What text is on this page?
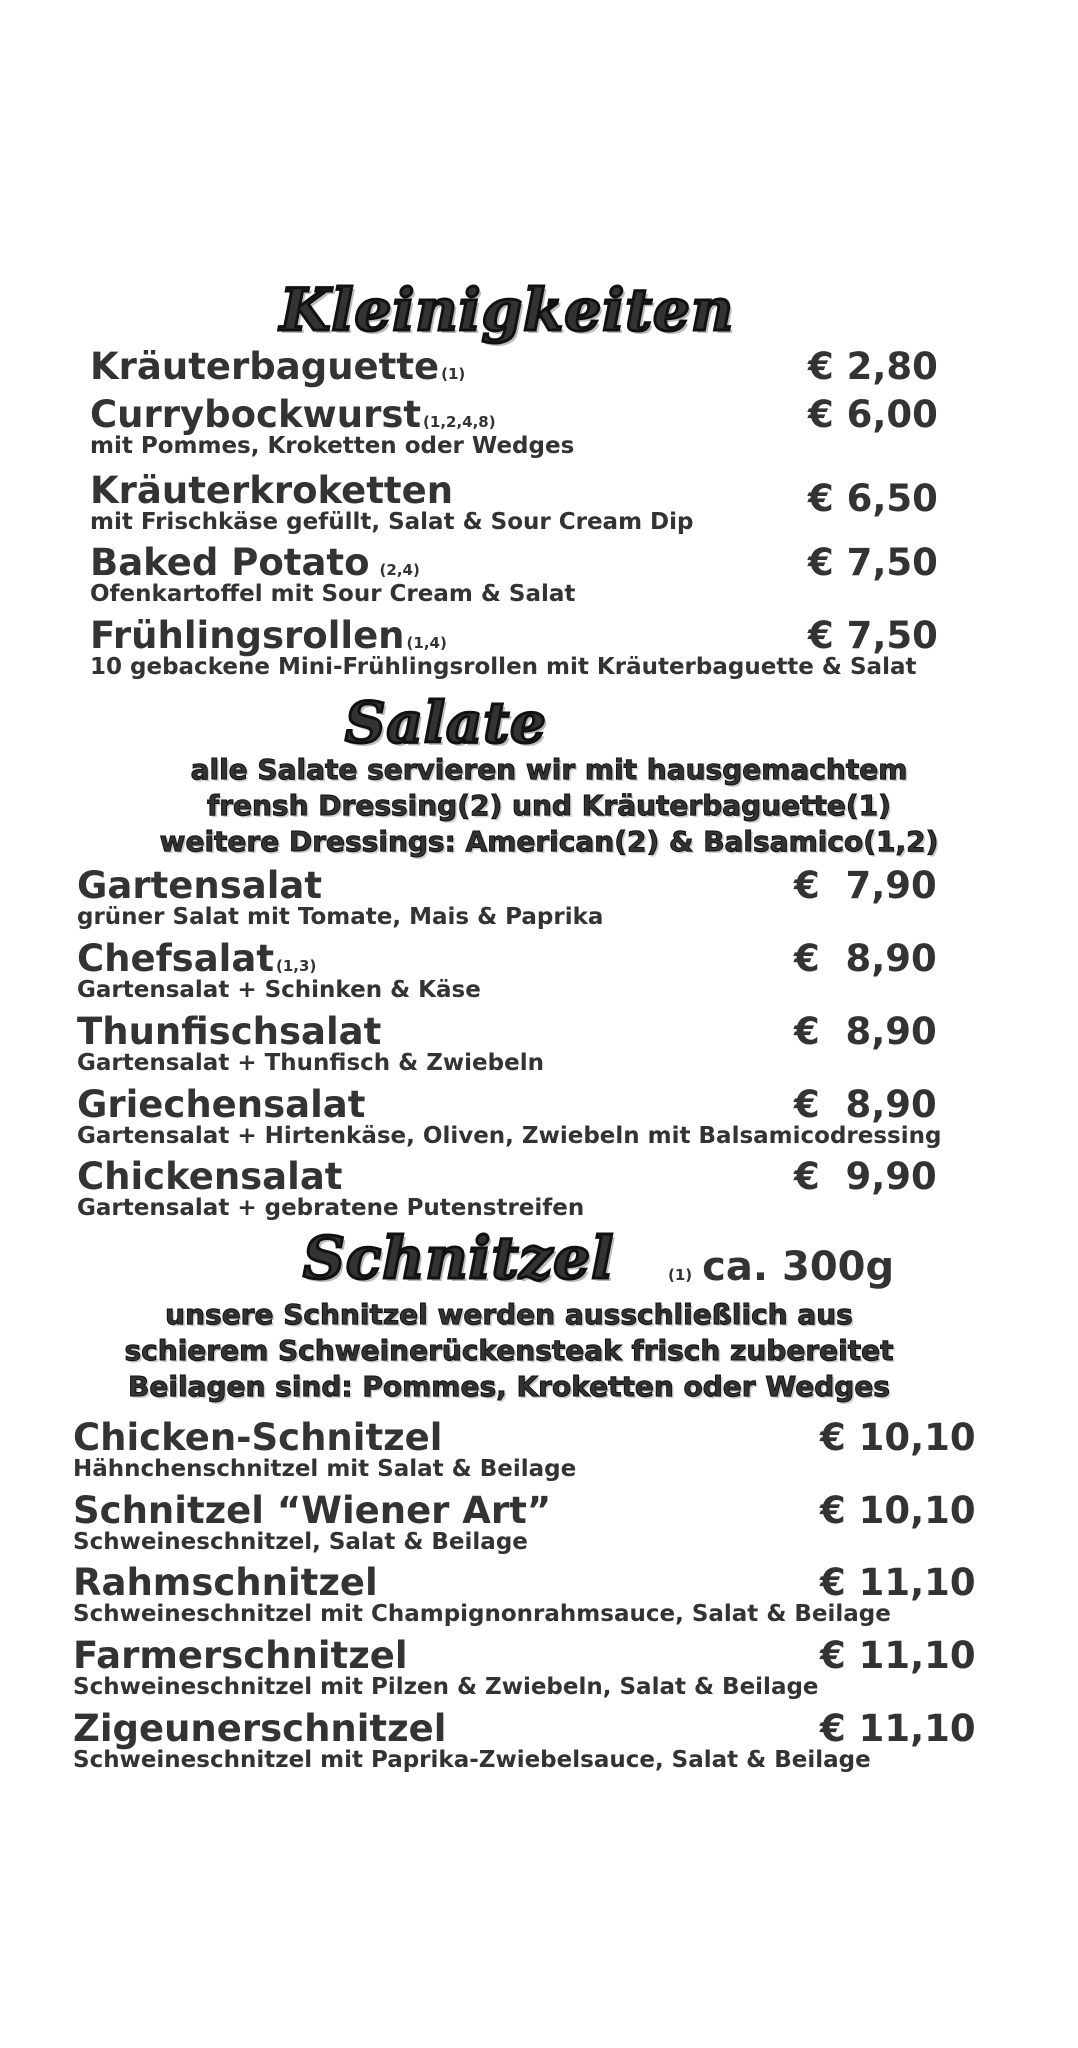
Kleinigkeiten
Kräuterbaguette (1)	€ 2,80
Currybockwurst (1,2,4,8)
mit Pommes, Kroketten oder Wedges
€ 6,00
Kräuterkroketten
mit Frischkäse gefüllt, Salat & Sour Cream Dip
€ 6,50
Baked Potato (2,4)
Ofenkartoffel mit Sour Cream & Salat
€ 7,50
Frühlingsrollen (1,4)
10 gebackene Mini-Frühlingsrollen mit Kräuterbaguette & Salat
€ 7,50
Salate
alle Salate servieren wir mit hausgemachtem
frensh Dressing(2) und Kräuterbaguette(1)
weitere Dressings: American(2) & Balsamico(1,2)
Gartensalat
grüner Salat mit Tomate, Mais & Paprika
€  7,90
Chefsalat (1,3)
Gartensalat + Schinken & Käse
€  8,90
Thunfischsalat
Gartensalat + Thunfisch & Zwiebeln
€  8,90
Griechensalat
Gartensalat + Hirtenkäse, Oliven, Zwiebeln mit Balsamicodressing
€  8,90
Chickensalat
Gartensalat + gebratene Putenstreifen
€  9,90
Schnitzel	(1) ca. 300g
unsere Schnitzel werden ausschließlich aus
schierem Schweinerückensteak frisch zubereitet
Beilagen sind: Pommes, Kroketten oder Wedges
Chicken-Schnitzel
Hähnchenschnitzel mit Salat & Beilage
€ 10,10
Schnitzel “Wiener Art”
Schweineschnitzel, Salat & Beilage
€ 10,10
Rahmschnitzel
Schweineschnitzel mit Champignonrahmsauce, Salat & Beilage
€ 11,10
Farmerschnitzel
Schweineschnitzel mit Pilzen & Zwiebeln, Salat & Beilage
€ 11,10
Zigeunerschnitzel
Schweineschnitzel mit Paprika-Zwiebelsauce, Salat & Beilage
€ 11,10
